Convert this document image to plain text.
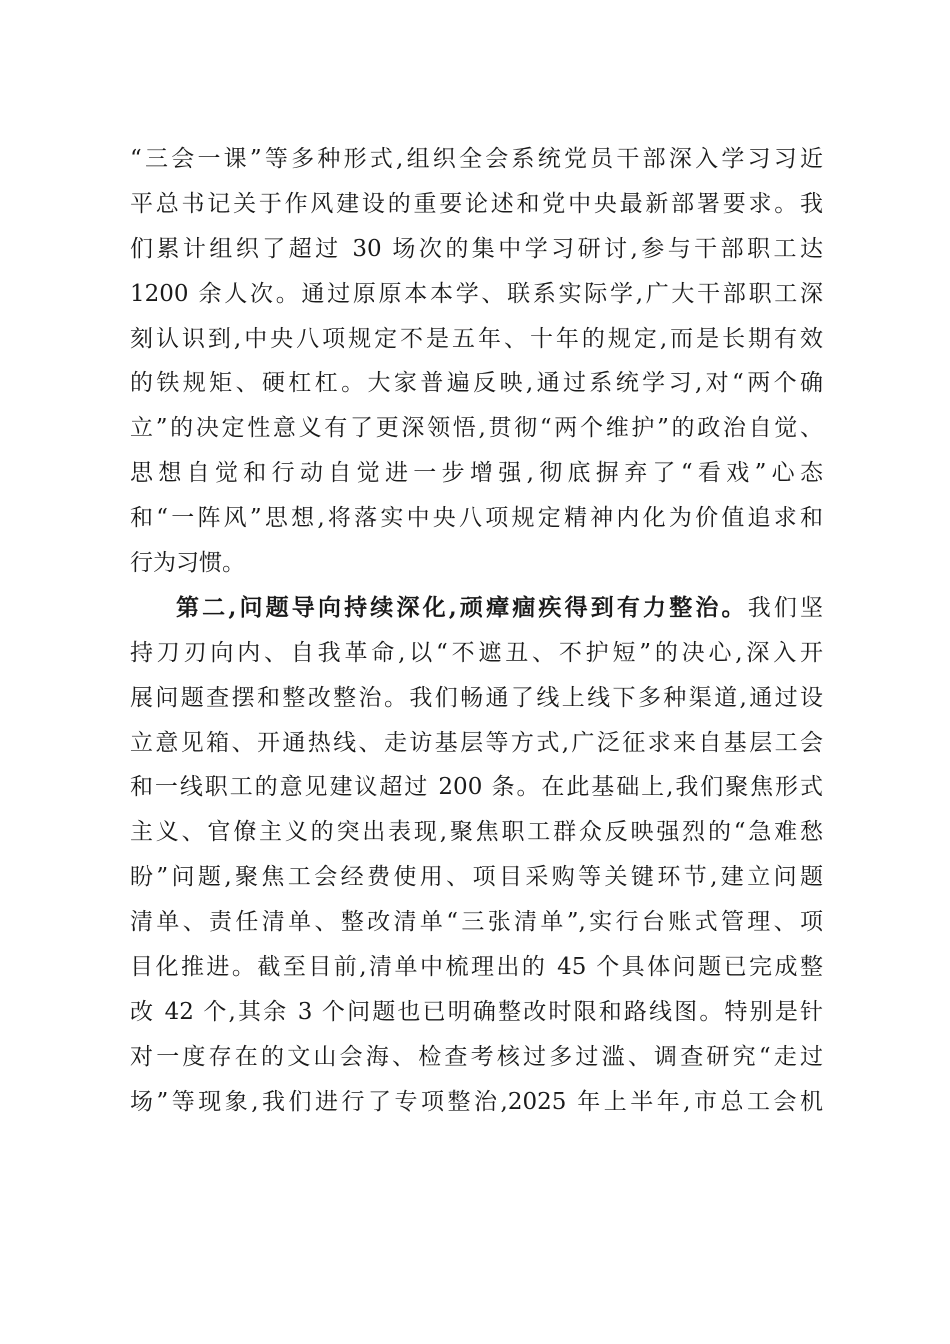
“三会一课”等多种形式,组织全会系统党员干部深入学习习近
平总书记关于作风建设的重要论述和党中央最新部署要求。我
们累计组织了超过 30 场次的集中学习研讨,参与干部职工达
1200 余人次。通过原原本本学、联系实际学,广大干部职工深
刻认识到,中央八项规定不是五年、十年的规定,而是长期有效
的铁规矩、硬杠杠。大家普遍反映,通过系统学习,对“两个确
立”的决定性意义有了更深领悟,贯彻“两个维护”的政治自觉、
思想自觉和行动自觉进一步增强,彻底摒弃了“看戏”心态
和“一阵风”思想,将落实中央八项规定精神内化为价值追求和
行为习惯。
第二,问题导向持续深化,顽瘴痼疾得到有力整治。我们坚
持刀刃向内、自我革命,以“不遮丑、不护短”的决心,深入开
展问题查摆和整改整治。我们畅通了线上线下多种渠道,通过设
立意见箱、开通热线、走访基层等方式,广泛征求来自基层工会
和一线职工的意见建议超过 200 条。在此基础上,我们聚焦形式
主义、官僚主义的突出表现,聚焦职工群众反映强烈的“急难愁
盼”问题,聚焦工会经费使用、项目采购等关键环节,建立问题
清单、责任清单、整改清单“三张清单”,实行台账式管理、项
目化推进。截至目前,清单中梳理出的 45 个具体问题已完成整
改 42 个,其余 3 个问题也已明确整改时限和路线图。特别是针
对一度存在的文山会海、检查考核过多过滥、调查研究“走过
场”等现象,我们进行了专项整治,2025 年上半年,市总工会机
